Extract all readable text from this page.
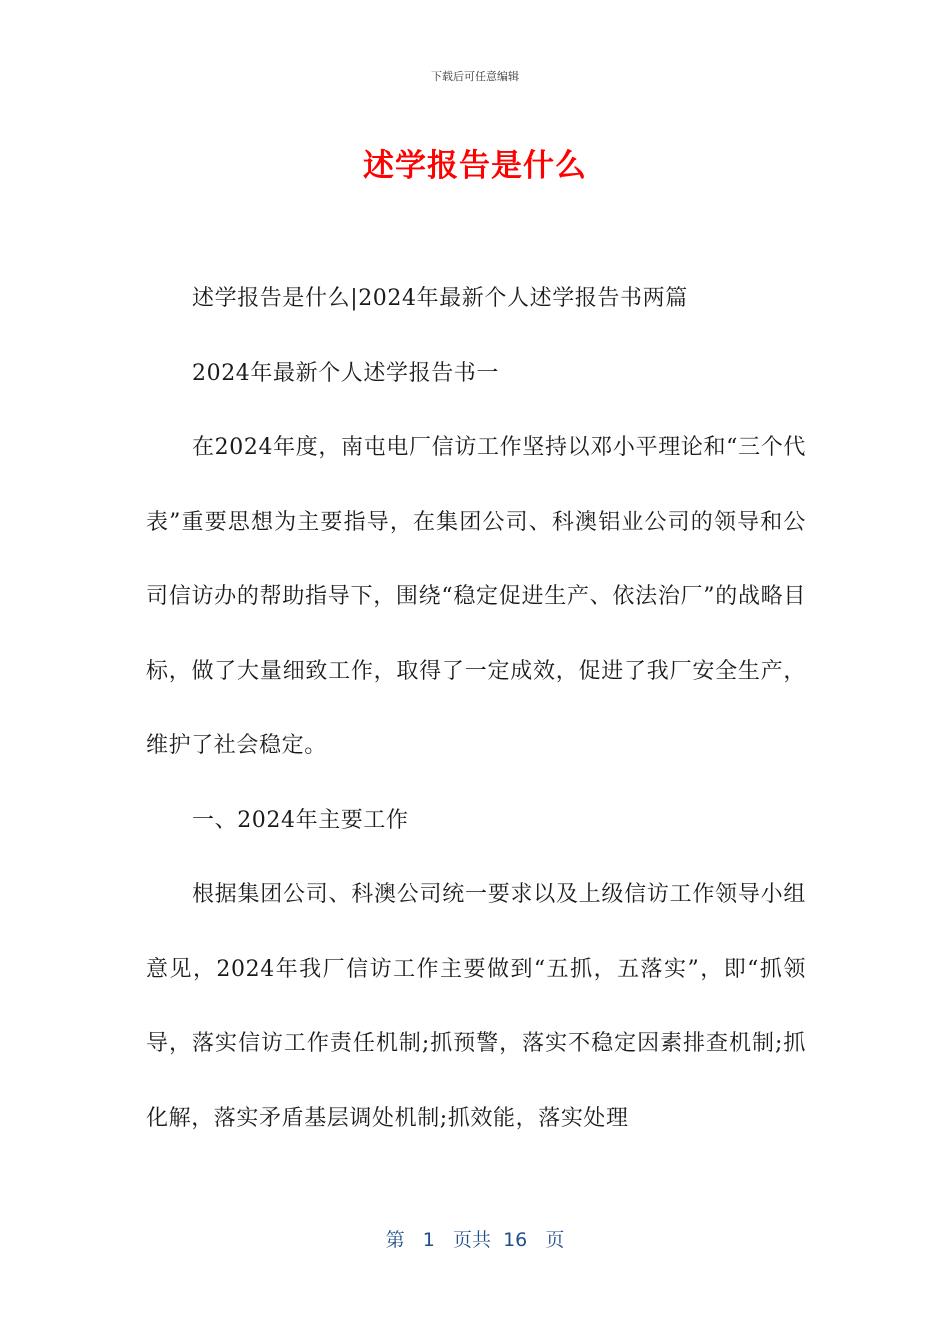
下载后可任意编辑
述学报告是什么

述学报告是什么|2024年最新个人述学报告书两篇

2024年最新个人述学报告书一

在2024年度，南屯电厂信访工作坚持以邓小平理论和“三个代表”重要思想为主要指导，在集团公司、科澳铝业公司的领导和公司信访办的帮助指导下，围绕“稳定促进生产、依法治厂”的战略目标，做了大量细致工作，取得了一定成效，促进了我厂安全生产，维护了社会稳定。

一、2024年主要工作

根据集团公司、科澳公司统一要求以及上级信访工作领导小组意见，2024年我厂信访工作主要做到“五抓，五落实”，即“抓领导，落实信访工作责任机制;抓预警，落实不稳定因素排查机制;抓化解，落实矛盾基层调处机制;抓效能，落实处理

第 1 页共 16 页
